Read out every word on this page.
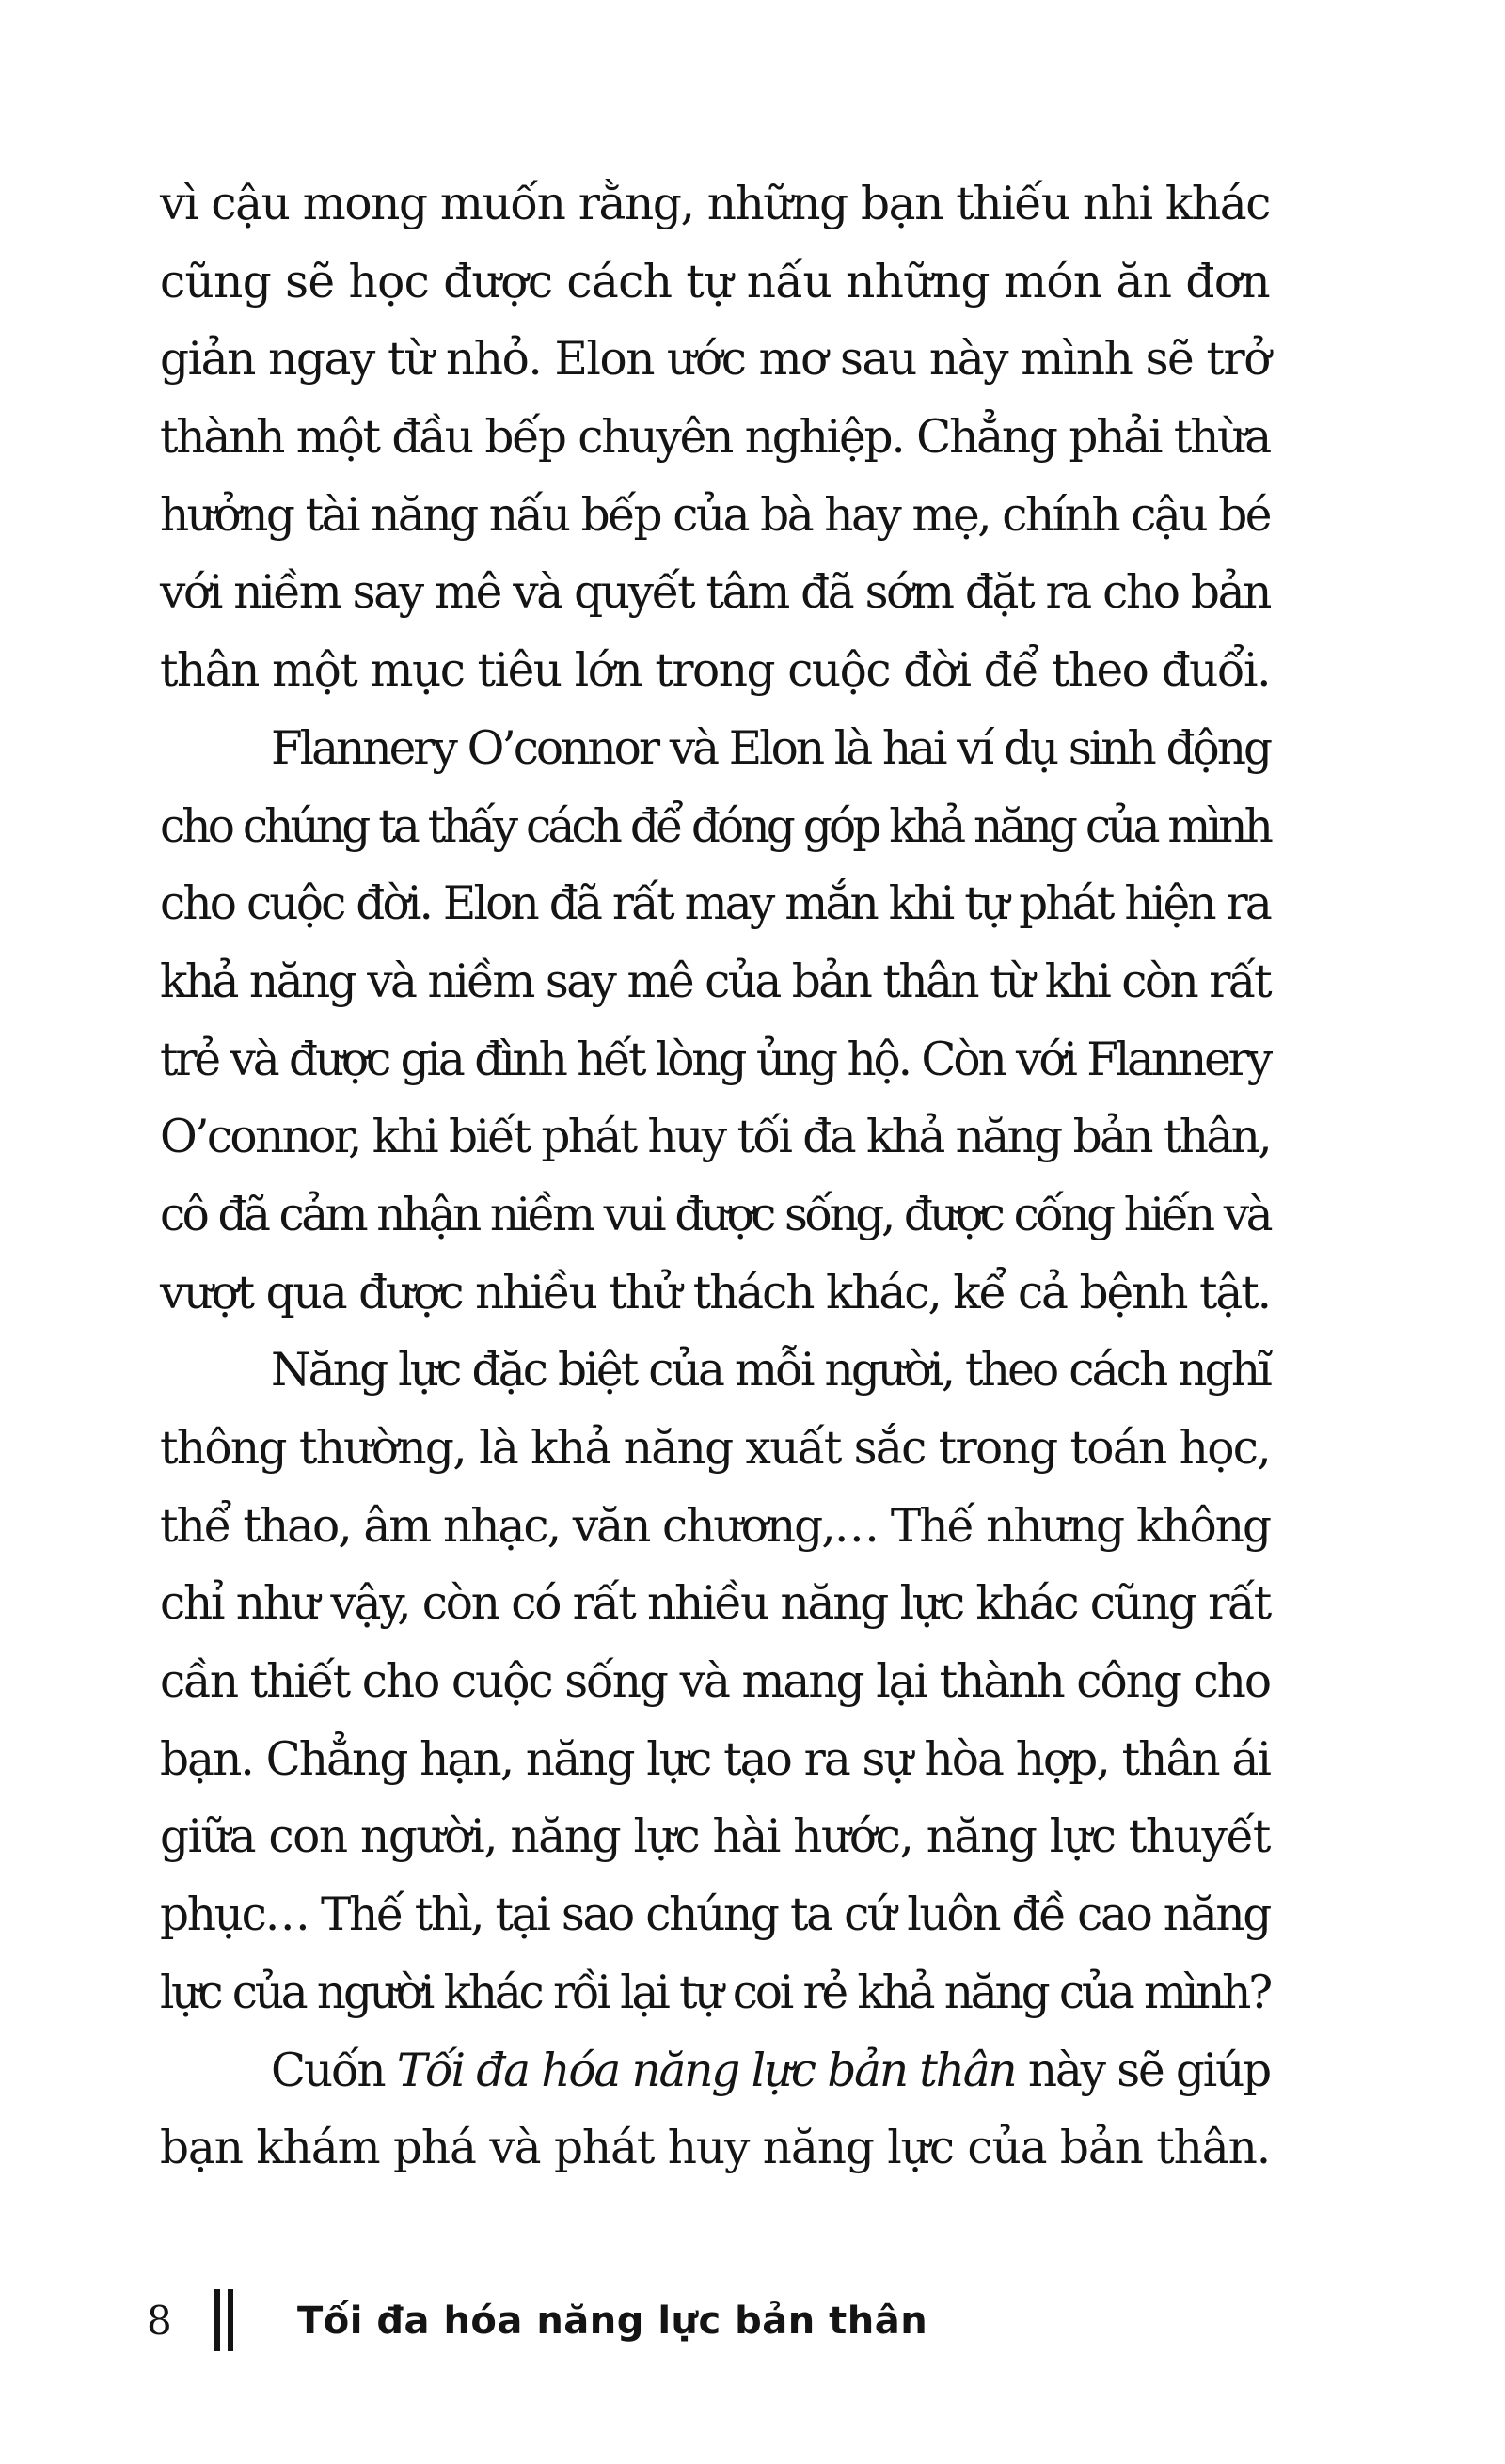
vì cậu mong muốn rằng, những bạn thiếu nhi khác
cũng sẽ học được cách tự nấu những món ăn đơn
giản ngay từ nhỏ. Elon ước mơ sau này mình sẽ trở
thành một đầu bếp chuyên nghiệp. Chẳng phải thừa
hưởng tài năng nấu bếp của bà hay mẹ, chính cậu bé
với niềm say mê và quyết tâm đã sớm đặt ra cho bản
thân một mục tiêu lớn trong cuộc đời để theo đuổi.
Flannery O’connor và Elon là hai ví dụ sinh động
cho chúng ta thấy cách để đóng góp khả năng của mình
cho cuộc đời. Elon đã rất may mắn khi tự phát hiện ra
khả năng và niềm say mê của bản thân từ khi còn rất
trẻ và được gia đình hết lòng ủng hộ. Còn với Flannery
O’connor, khi biết phát huy tối đa khả năng bản thân,
cô đã cảm nhận niềm vui được sống, được cống hiến và
vượt qua được nhiều thử thách khác, kể cả bệnh tật.
Năng lực đặc biệt của mỗi người, theo cách nghĩ
thông thường, là khả năng xuất sắc trong toán học,
thể thao, âm nhạc, văn chương,… Thế nhưng không
chỉ như vậy, còn có rất nhiều năng lực khác cũng rất
cần thiết cho cuộc sống và mang lại thành công cho
bạn. Chẳng hạn, năng lực tạo ra sự hòa hợp, thân ái
giữa con người, năng lực hài hước, năng lực thuyết
phục… Thế thì, tại sao chúng ta cứ luôn đề cao năng
lực của người khác rồi lại tự coi rẻ khả năng của mình?
Cuốn Tối đa hóa năng lực bản thân này sẽ giúp
bạn khám phá và phát huy năng lực của bản thân.
8	Tối đa hóa năng lực bản thân
